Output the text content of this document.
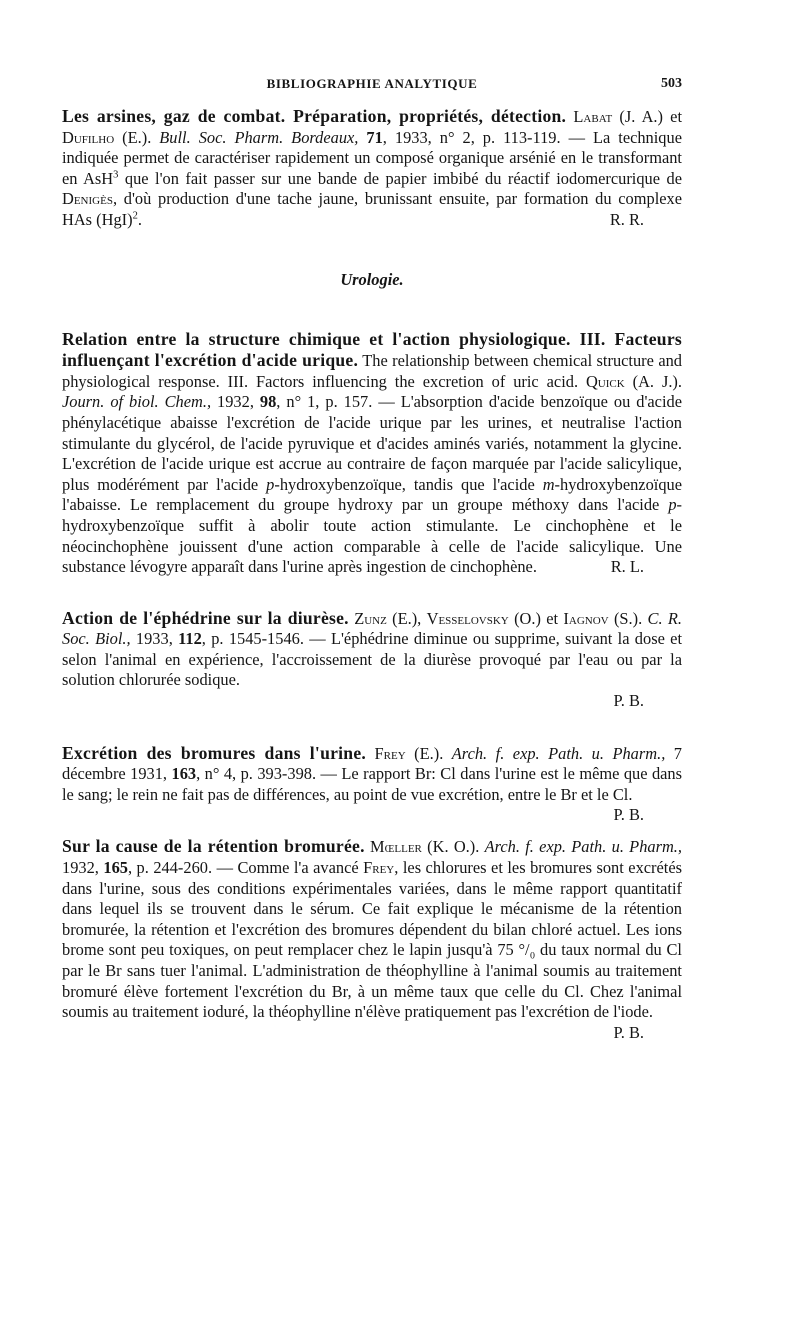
BIBLIOGRAPHIE ANALYTIQUE	503

Les arsines, gaz de combat. Préparation, propriétés, détection. Labat (J. A.) et Dufilho (E.). Bull. Soc. Pharm. Bordeaux, 71, 1933, n° 2, p. 113-119. — La technique indiquée permet de caractériser rapidement un composé organique arsénié en le transformant en AsH$^3$ que l'on fait passer sur une bande de papier imbibé du réactif iodomercurique de Denigès, d'où production d'une tache jaune, brunissant ensuite, par formation du complexe HAs (HgI)$^2$.	R. R.

Urologie.

Relation entre la structure chimique et l'action physiologique. III. Facteurs influençant l'excrétion d'acide urique. The relationship between chemical structure and physiological response. III. Factors influencing the excretion of uric acid. Quick (A. J.). Journ. of biol. Chem., 1932, 98, n° 1, p. 157. — L'absorption d'acide benzoïque ou d'acide phénylacétique abaisse l'excrétion de l'acide urique par les urines, et neutralise l'action stimulante du glycérol, de l'acide pyruvique et d'acides aminés variés, notamment la glycine. L'excrétion de l'acide urique est accrue au contraire de façon marquée par l'acide salicylique, plus modérément par l'acide p-hydroxybenzoïque, tandis que l'acide m-hydroxybenzoïque l'abaisse. Le remplacement du groupe hydroxy par un groupe méthoxy dans l'acide p-hydroxybenzoïque suffit à abolir toute action stimulante. Le cinchophène et le néocinchophène jouissent d'une action comparable à celle de l'acide salicylique. Une substance lévogyre apparaît dans l'urine après ingestion de cinchophène.	R. L.

Action de l'éphédrine sur la diurèse. Zunz (E.), Vesselovsky (O.) et Iagnov (S.). C. R. Soc. Biol., 1933, 112, p. 1545-1546. — L'éphédrine diminue ou supprime, suivant la dose et selon l'animal en expérience, l'accroissement de la diurèse provoqué par l'eau ou par la solution chlorurée sodique.

P. B.

Excrétion des bromures dans l'urine. Frey (E.). Arch. f. exp. Path. u. Pharm., 7 décembre 1931, 163, n° 4, p. 393-398. — Le rapport Br: Cl dans l'urine est le même que dans le sang; le rein ne fait pas de différences, au point de vue excrétion, entre le Br et le Cl.
P. B.

Sur la cause de la rétention bromurée. Mœller (K. O.). Arch. f. exp. Path. u. Pharm., 1932, 165, p. 244-260. — Comme l'a avancé Frey, les chlorures et les bromures sont excrétés dans l'urine, sous des conditions expérimentales variées, dans le même rapport quantitatif dans lequel ils se trouvent dans le sérum. Ce fait explique le mécanisme de la rétention bromurée, la rétention et l'excrétion des bromures dépendent du bilan chloré actuel. Les ions brome sont peu toxiques, on peut remplacer chez le lapin jusqu'à 75 °/₀ du taux normal du Cl par le Br sans tuer l'animal. L'administration de théophylline à l'animal soumis au traitement bromuré élève fortement l'excrétion du Br, à un même taux que celle du Cl. Chez l'animal soumis au traitement ioduré, la théophylline n'élève pratiquement pas l'excrétion de l'iode.
P. B.
